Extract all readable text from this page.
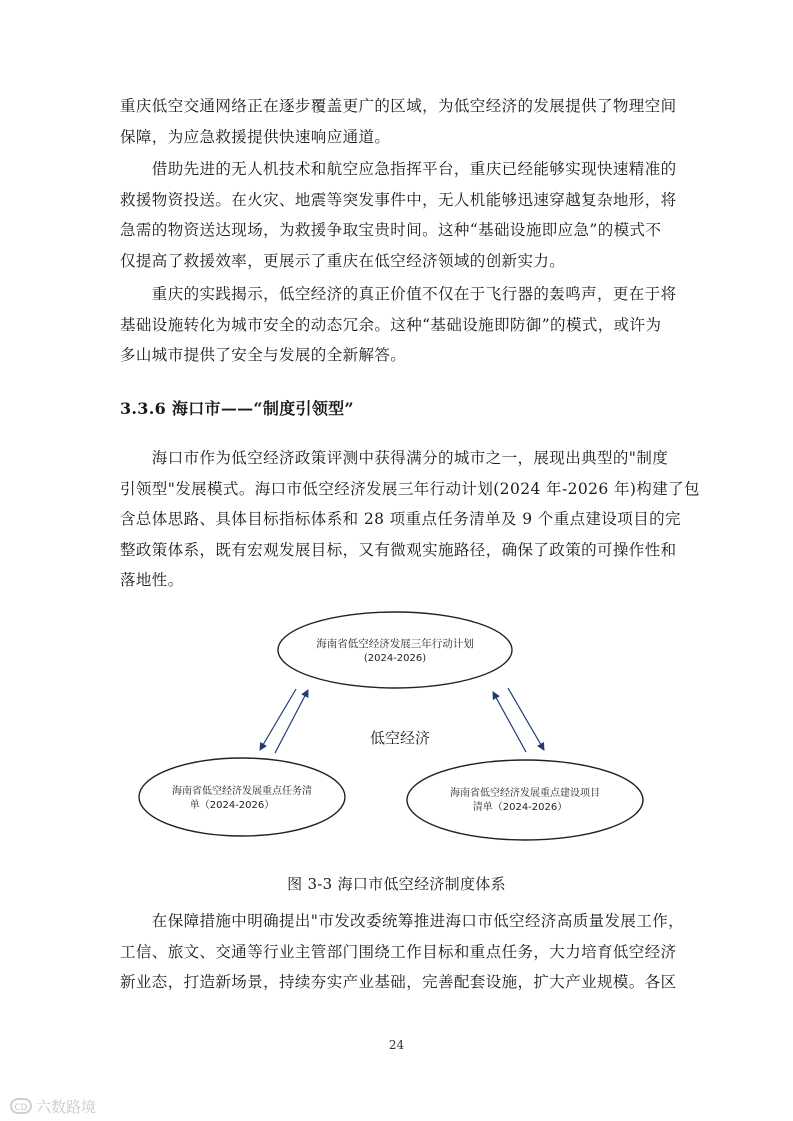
重庆低空交通网络正在逐步覆盖更广的区域，为低空经济的发展提供了物理空间
保障，为应急救援提供快速响应通道。
　　借助先进的无人机技术和航空应急指挥平台，重庆已经能够实现快速精准的
救援物资投送。在火灾、地震等突发事件中，无人机能够迅速穿越复杂地形，将
急需的物资送达现场，为救援争取宝贵时间。这种“基础设施即应急”的模式不
仅提高了救援效率，更展示了重庆在低空经济领域的创新实力。
　　重庆的实践揭示，低空经济的真正价值不仅在于飞行器的轰鸣声，更在于将
基础设施转化为城市安全的动态冗余。这种“基础设施即防御”的模式，或许为
多山城市提供了安全与发展的全新解答。
3.3.6 海口市——“制度引领型”
　　海口市作为低空经济政策评测中获得满分的城市之一，展现出典型的"制度
引领型"发展模式。海口市低空经济发展三年行动计划(2024 年-2026 年)构建了包
含总体思路、具体目标指标体系和 28 项重点任务清单及 9 个重点建设项目的完
整政策体系，既有宏观发展目标，又有微观实施路径，确保了政策的可操作性和
落地性。
海南省低空经济发展三年行动计划
(2024-2026)
海南省低空经济发展重点任务清
单（2024-2026）
海南省低空经济发展重点建设项目
清单（2024-2026）
低空经济

图 3-3 海口市低空经济制度体系

　　在保障措施中明确提出"市发改委统筹推进海口市低空经济高质量发展工作，
工信、旅文、交通等行业主管部门围绕工作目标和重点任务，大力培育低空经济
新业态，打造新场景，持续夯实产业基础，完善配套设施，扩大产业规模。各区
24
CD 六数路境
